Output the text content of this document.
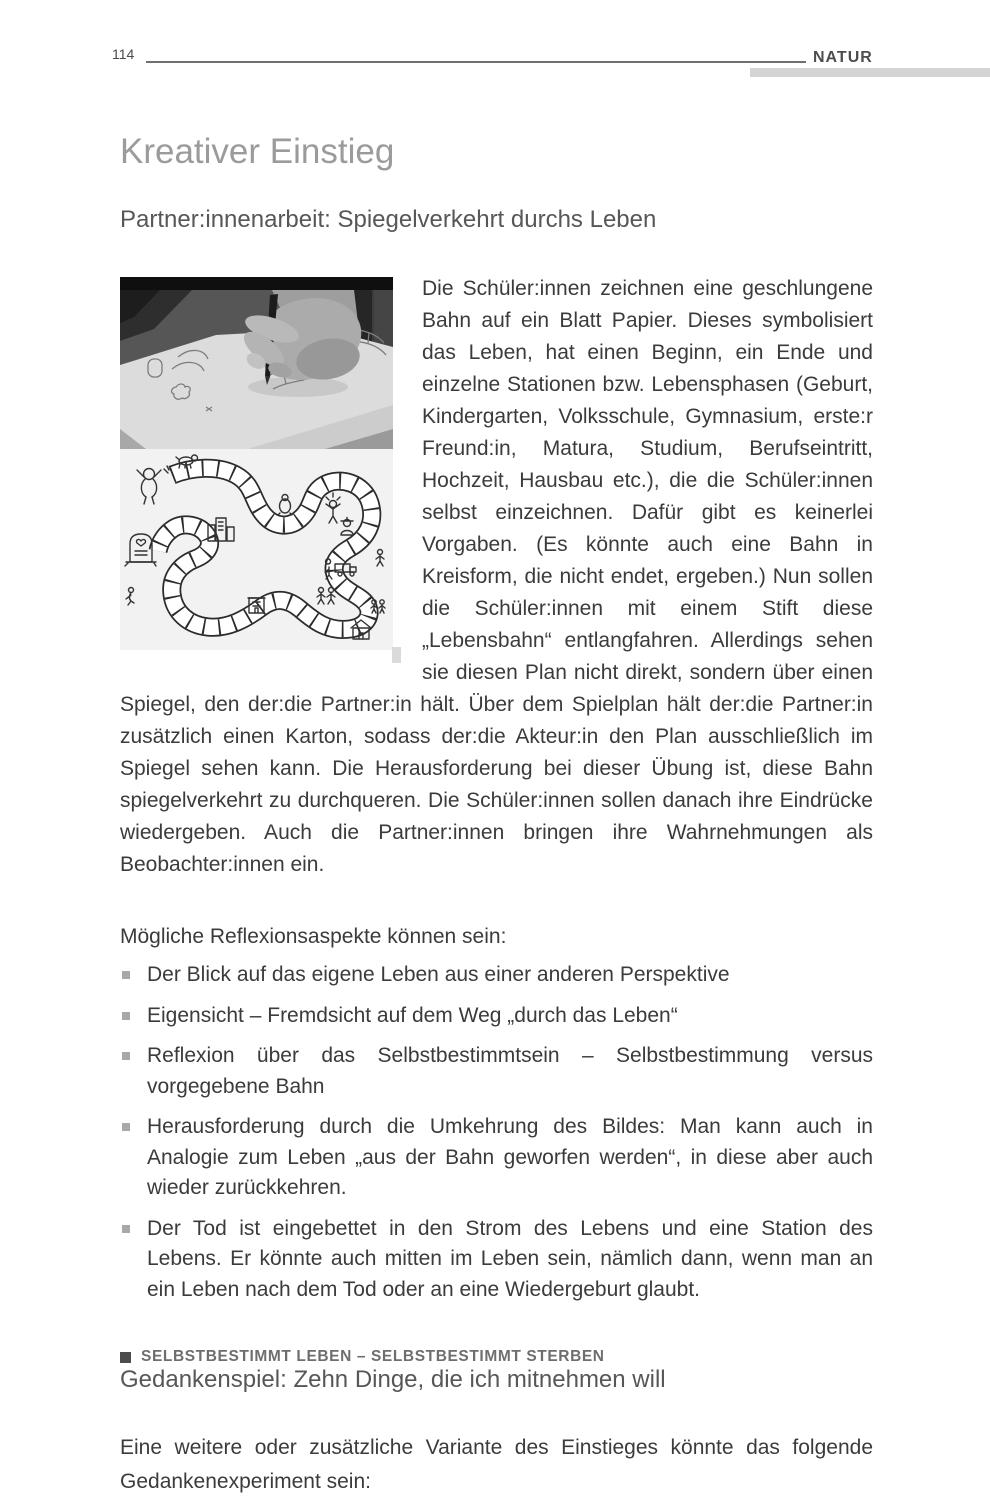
114	NATUR
Kreativer Einstieg
Partner:innenarbeit: Spiegelverkehrt durchs Leben

Die Schüler:innen zeichnen eine geschlungene Bahn auf ein Blatt Papier. Dieses symbolisiert das Leben, hat einen Beginn, ein Ende und einzelne Stationen bzw. Lebensphasen (Geburt, Kindergarten, Volksschule, Gymnasium, erste:r Freund:in, Matura, Studium, Berufseintritt, Hochzeit, Hausbau etc.), die die Schüler:innen selbst einzeichnen. Dafür gibt es keinerlei Vorgaben. (Es könnte auch eine Bahn in Kreisform, die nicht endet, ergeben.) Nun sollen die Schüler:innen mit einem Stift diese „Lebensbahn“ entlangfahren. Allerdings sehen sie diesen Plan nicht direkt, sondern über einen Spiegel, den der:die Partner:in hält. Über dem Spielplan hält der:die Partner:in zusätzlich einen Karton, sodass der:die Akteur:in den Plan ausschließlich im Spiegel sehen kann. Die Herausforderung bei dieser Übung ist, diese Bahn spiegelverkehrt zu durchqueren. Die Schüler:innen sollen danach ihre Eindrücke wiedergeben. Auch die Partner:innen bringen ihre Wahrnehmungen als Beobachter:innen ein.

Mögliche Reflexionsaspekte können sein:

Der Blick auf das eigene Leben aus einer anderen Perspektive
Eigensicht – Fremdsicht auf dem Weg „durch das Leben“
Reflexion über das Selbstbestimmtsein – Selbstbestimmung versus vorgegebene Bahn
Herausforderung durch die Umkehrung des Bildes: Man kann auch in Analogie zum Leben „aus der Bahn geworfen werden“, in diese aber auch wieder zurückkehren.
Der Tod ist eingebettet in den Strom des Lebens und eine Station des Lebens. Er könnte auch mitten im Leben sein, nämlich dann, wenn man an ein Leben nach dem Tod oder an eine Wiedergeburt glaubt.
Gedankenspiel: Zehn Dinge, die ich mitnehmen will

Eine weitere oder zusätzliche Variante des Einstieges könnte das folgende Gedankenexperiment sein:

SELBSTBESTIMMT LEBEN – SELBSTBESTIMMT STERBEN
